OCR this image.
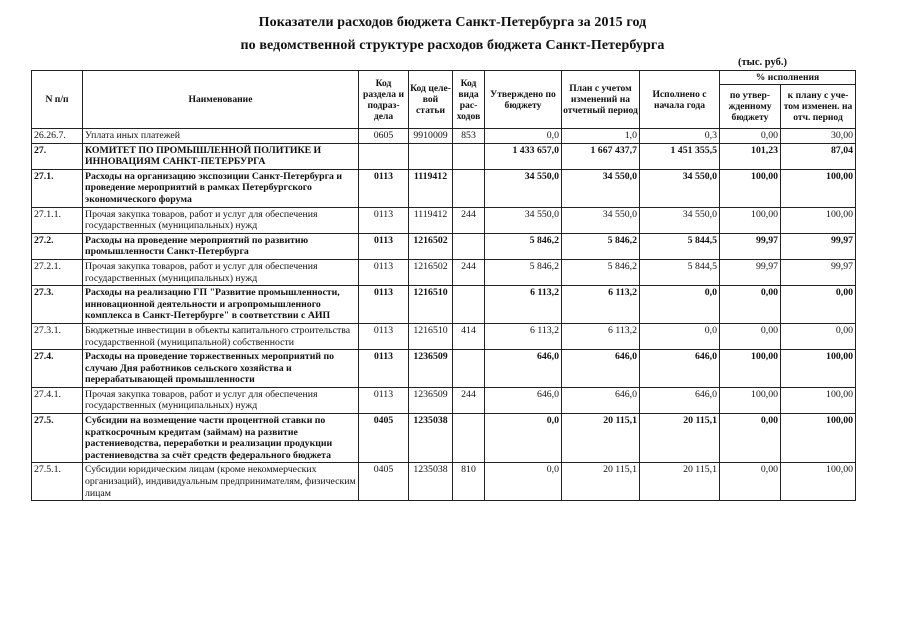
Показатели расходов бюджета Санкт-Петербурга за 2015 год
по ведомственной структуре расходов бюджета Санкт-Петербурга
(тыс. руб.)
N п/п	Наименование	Код раздела и подраз-дела	Код целе-вой статьи	Код вида рас-ходов	Утверждено по бюджету	План с учетом изменений на отчетный период	Исполнено с начала года	% исполнения	
								по утвер-жденному бюджету	к плану с уче-том изменен. на отч. период
26.26.7.	Уплата иных платежей	0605	9910009	853	0,0	1,0	0,3	0,00	30,00
27.	КОМИТЕТ ПО ПРОМЫШЛЕННОЙ ПОЛИТИКЕ И ИННОВАЦИЯМ САНКТ-ПЕТЕРБУРГА				1 433 657,0	1 667 437,7	1 451 355,5	101,23	87,04
27.1.	Расходы на организацию экспозиции Санкт-Петербурга и проведение мероприятий в рамках Петербургского экономического форума	0113	1119412		34 550,0	34 550,0	34 550,0	100,00	100,00
27.1.1.	Прочая закупка товаров, работ и услуг для обеспечения государственных (муниципальных) нужд	0113	1119412	244	34 550,0	34 550,0	34 550,0	100,00	100,00
27.2.	Расходы на проведение мероприятий по развитию промышленности Санкт-Петербурга	0113	1216502		5 846,2	5 846,2	5 844,5	99,97	99,97
27.2.1.	Прочая закупка товаров, работ и услуг для обеспечения государственных (муниципальных) нужд	0113	1216502	244	5 846,2	5 846,2	5 844,5	99,97	99,97
27.3.	Расходы на реализацию ГП "Развитие промышленности, инновационной деятельности и агропромышленного комплекса в Санкт-Петербурге" в соответствии с АИП	0113	1216510		6 113,2	6 113,2	0,0	0,00	0,00
27.3.1.	Бюджетные инвестиции в объекты капитального строительства государственной (муниципальной) собственности	0113	1216510	414	6 113,2	6 113,2	0,0	0,00	0,00
27.4.	Расходы на проведение торжественных мероприятий по случаю Дня работников сельского хозяйства и перерабатывающей промышленности	0113	1236509		646,0	646,0	646,0	100,00	100,00
27.4.1.	Прочая закупка товаров, работ и услуг для обеспечения государственных (муниципальных) нужд	0113	1236509	244	646,0	646,0	646,0	100,00	100,00
27.5.	Субсидии на возмещение части процентной ставки по краткосрочным кредитам (займам) на развитие растениеводства, переработки и реализации продукции растениеводства за счёт средств федерального бюджета	0405	1235038		0,0	20 115,1	20 115,1	0,00	100,00
27.5.1.	Субсидии юридическим лицам (кроме некоммерческих организаций), индивидуальным предпринимателям, физическим лицам	0405	1235038	810	0,0	20 115,1	20 115,1	0,00	100,00
